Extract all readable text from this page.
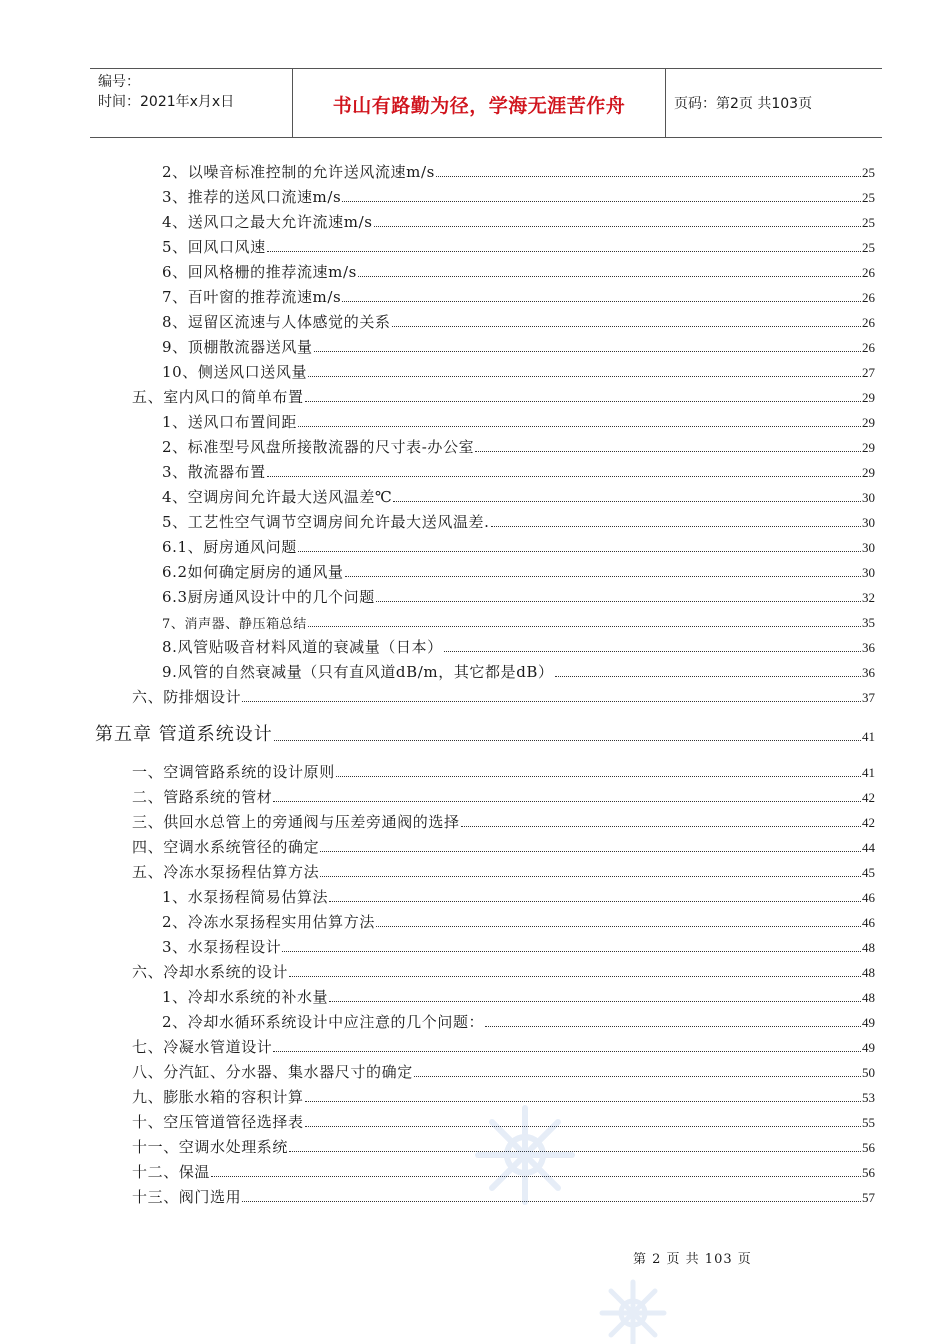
编号：
时间：2021年x月x日	书山有路勤为径，学海无涯苦作舟	页码：第2页 共103页
2、以噪音标准控制的允许送风流速m/s	25
3、推荐的送风口流速m/s	25
4、送风口之最大允许流速m/s	25
5、回风口风速	25
6、回风格栅的推荐流速m/s	26
7、百叶窗的推荐流速m/s	26
8、逗留区流速与人体感觉的关系	26
9、顶棚散流器送风量	26
10、侧送风口送风量	27
五、室内风口的简单布置	29
1、送风口布置间距	29
2、标准型号风盘所接散流器的尺寸表-办公室	29
3、散流器布置	29
4、空调房间允许最大送风温差℃	30
5、工艺性空气调节空调房间允许最大送风温差.	30
6.1、厨房通风问题	30
6.2如何确定厨房的通风量	30
6.3厨房通风设计中的几个问题	32
7、消声器、静压箱总结	35
8.风管贴吸音材料风道的衰减量（日本）	36
9.风管的自然衰减量（只有直风道dB/m，其它都是dB）	36
六、防排烟设计	37
第五章 管道系统设计	41
一、空调管路系统的设计原则	41
二、管路系统的管材	42
三、供回水总管上的旁通阀与压差旁通阀的选择	42
四、空调水系统管径的确定	44
五、冷冻水泵扬程估算方法	45
1、水泵扬程简易估算法	46
2、冷冻水泵扬程实用估算方法	46
3、水泵扬程设计	48
六、冷却水系统的设计	48
1、冷却水系统的补水量	48
2、冷却水循环系统设计中应注意的几个问题：	49
七、冷凝水管道设计	49
八、分汽缸、分水器、集水器尺寸的确定	50
九、膨胀水箱的容积计算	53
十、空压管道管径选择表	55
十一、空调水处理系统	56
十二、保温	56
十三、阀门选用	57
第 2 页 共 103 页
